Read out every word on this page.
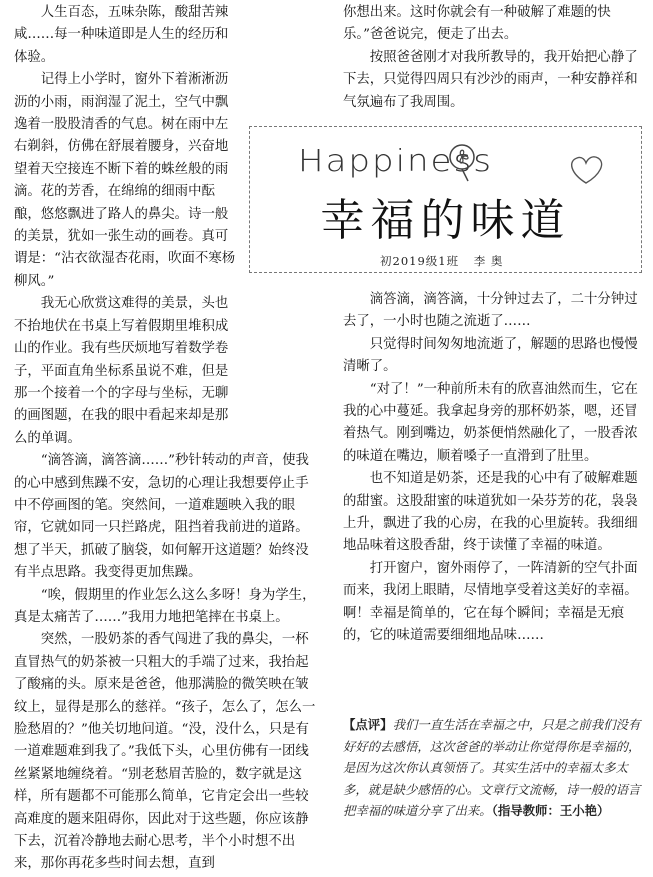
人生百态，五味杂陈，酸甜苦辣咸……每一种味道即是人生的经历和体验。

记得上小学时，窗外下着淅淅沥沥的小雨，雨润湿了泥土，空气中飘逸着一股股清香的气息。树在雨中左右剃斜，仿佛在舒展着腰身，兴奋地望着天空接连不断下着的蛛丝般的雨滴。花的芳香，在绵绵的细雨中酝酿，悠悠飘进了路人的鼻尖。诗一般的美景，犹如一张生动的画卷。真可谓是：“沾衣欲湿杏花雨，吹面不寒杨柳风。”

我无心欣赏这难得的美景，头也不抬地伏在书桌上写着假期里堆积成山的作业。我有些厌烦地写着数学卷子，平面直角坐标系虽说不难，但是那一个接着一个的字母与坐标，无聊的画图题，在我的眼中看起来却是那么的单调。

“滴答滴，滴答滴……”秒针转动的声音，使我的心中感到焦躁不安，急切的心理让我想要停止手中不停画图的笔。突然间，一道难题映入我的眼帘，它就如同一只拦路虎，阻挡着我前进的道路。想了半天，抓破了脑袋，如何解开这道题？始终没有半点思路。我变得更加焦躁。

“唉，假期里的作业怎么这么多呀！身为学生，真是太痛苦了……”我用力地把笔摔在书桌上。

突然，一股奶茶的香气闯进了我的鼻尖，一杯直冒热气的奶茶被一只粗大的手端了过来，我抬起了酸痛的头。原来是爸爸，他那满脸的微笑映在皱纹上，显得是那么的慈祥。“孩子，怎么了，怎么一脸愁眉的？”他关切地问道。“没，没什么，只是有一道难题难到我了。”我低下头，心里仿佛有一团线丝紧紧地缠绕着。“别老愁眉苦脸的，数字就是这样，所有题都不可能那么简单，它肯定会出一些较高难度的题来阻碍你，因此对于这些题，你应该静下去，沉着冷静地去耐心思考，半个小时想不出来，那你再花多些时间去想，直到

你想出来。这时你就会有一种破解了难题的快乐。”爸爸说完，便走了出去。

按照爸爸刚才对我所教导的，我开始把心静了下去，只觉得四周只有沙沙的雨声，一种安静祥和气氛遍布了我周围。

Happiness
幸福的味道
初2019级1班 李 奥

滴答滴，滴答滴，十分钟过去了，二十分钟过去了，一小时也随之流逝了……

只觉得时间匆匆地流逝了，解题的思路也慢慢清晰了。

“对了！”一种前所未有的欣喜油然而生，它在我的心中蔓延。我拿起身旁的那杯奶茶，嗯，还冒着热气。刚到嘴边，奶茶便悄然融化了，一股香浓的味道在嘴边，顺着嗓子一直滑到了肚里。

也不知道是奶茶，还是我的心中有了破解难题的甜蜜。这股甜蜜的味道犹如一朵芬芳的花，袅袅上升，飘进了我的心房，在我的心里旋转。我细细地品味着这股香甜，终于读懂了幸福的味道。

打开窗户，窗外雨停了，一阵清新的空气扑面而来，我闭上眼睛，尽情地享受着这美好的幸福。啊！幸福是简单的，它在每个瞬间；幸福是无痕的，它的味道需要细细地品味……

【点评】我们一直生活在幸福之中，只是之前我们没有好好的去感悟，这次爸爸的举动让你觉得你是幸福的，是因为这次你认真领悟了。其实生活中的幸福太多太多，就是缺少感悟的心。文章行文流畅，诗一般的语言把幸福的味道分享了出来。（指导教师：王小艳）
